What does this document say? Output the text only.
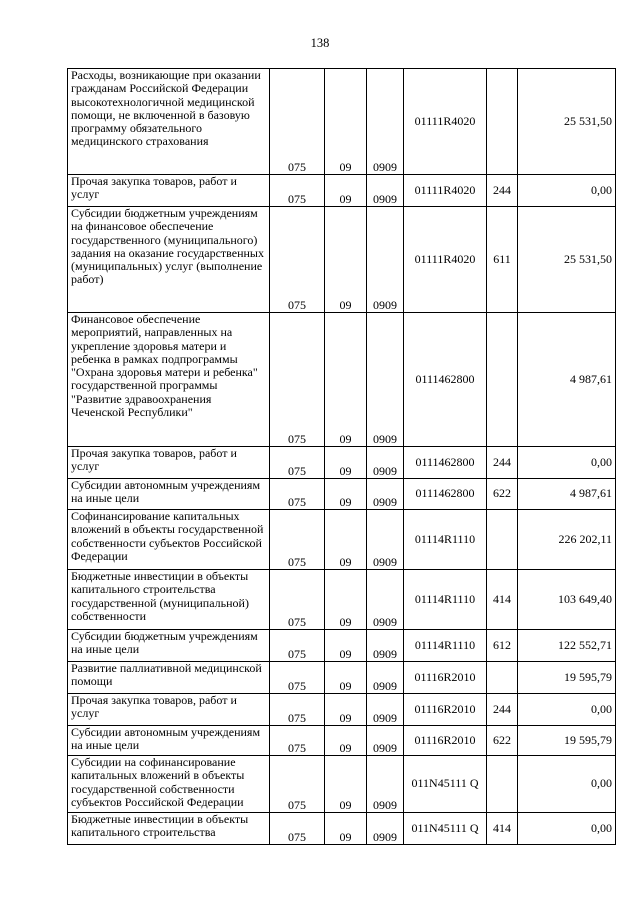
138
Расходы, возникающие при оказании гражданам Российской Федерации высокотехнологичной медицинской помощи, не включенной в базовую программу обязательного медицинского страхования	075	09	0909	01111R4020		25 531,50
Прочая закупка товаров, работ и услуг	075	09	0909	01111R4020	244	0,00
Субсидии бюджетным учреждениям на финансовое обеспечение государственного (муниципального) задания на оказание государственных (муниципальных) услуг (выполнение работ)	075	09	0909	01111R4020	611	25 531,50
Финансовое обеспечение мероприятий, направленных на укрепление здоровья матери и ребенка в рамках подпрограммы "Охрана здоровья матери и ребенка" государственной программы "Развитие здравоохранения Чеченской Республики"	075	09	0909	0111462800		4 987,61
Прочая закупка товаров, работ и услуг	075	09	0909	0111462800	244	0,00
Субсидии автономным учреждениям на иные цели	075	09	0909	0111462800	622	4 987,61
Софинансирование капитальных вложений в объекты государственной собственности субъектов Российской Федерации	075	09	0909	01114R1110		226 202,11
Бюджетные инвестиции в объекты капитального строительства государственной (муниципальной) собственности	075	09	0909	01114R1110	414	103 649,40
Субсидии бюджетным учреждениям на иные цели	075	09	0909	01114R1110	612	122 552,71
Развитие паллиативной медицинской помощи	075	09	0909	01116R2010		19 595,79
Прочая закупка товаров, работ и услуг	075	09	0909	01116R2010	244	0,00
Субсидии автономным учреждениям на иные цели	075	09	0909	01116R2010	622	19 595,79
Субсидии на софинансирование капитальных вложений в объекты государственной собственности субъектов Российской Федерации	075	09	0909	011N45111 Q		0,00
Бюджетные инвестиции в объекты капитального строительства	075	09	0909	011N45111 Q	414	0,00
